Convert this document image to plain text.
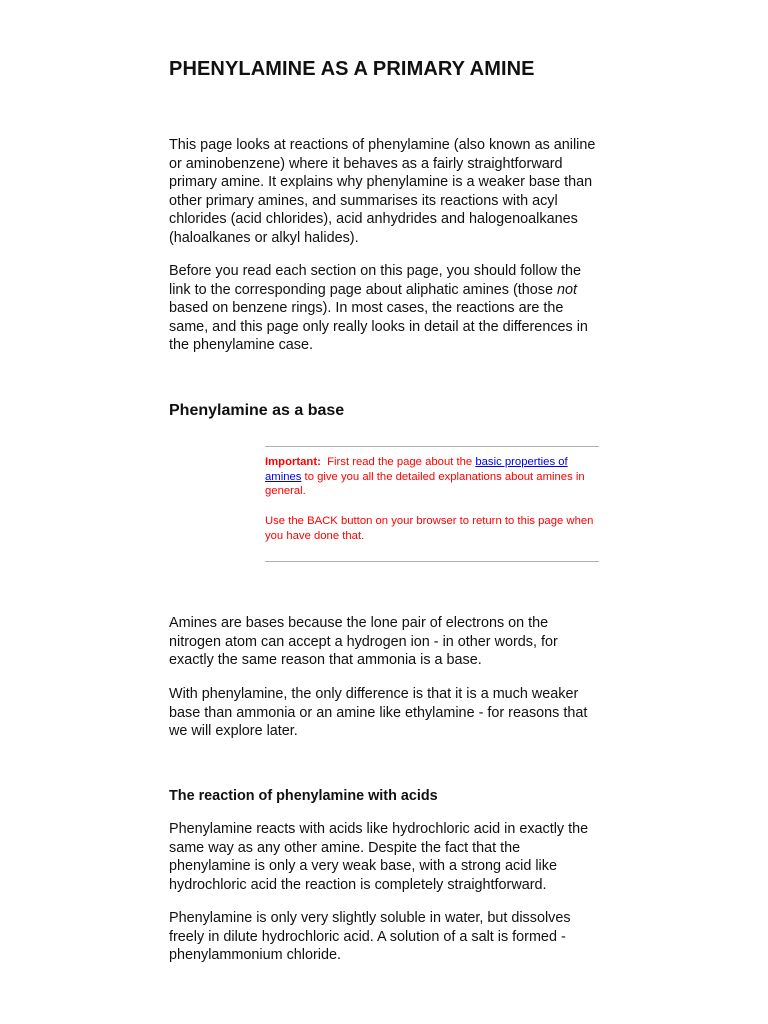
PHENYLAMINE AS A PRIMARY AMINE

This page looks at reactions of phenylamine (also known as aniline or aminobenzene) where it behaves as a fairly straightforward primary amine. It explains why phenylamine is a weaker base than other primary amines, and summarises its reactions with acyl chlorides (acid chlorides), acid anhydrides and halogenoalkanes (haloalkanes or alkyl halides).

Before you read each section on this page, you should follow the link to the corresponding page about aliphatic amines (those not based on benzene rings). In most cases, the reactions are the same, and this page only really looks in detail at the differences in the phenylamine case.

Phenylamine as a base

Important:  First read the page about the basic properties of amines to give you all the detailed explanations about amines in general.

Use the BACK button on your browser to return to this page when you have done that.

Amines are bases because the lone pair of electrons on the nitrogen atom can accept a hydrogen ion - in other words, for exactly the same reason that ammonia is a base.

With phenylamine, the only difference is that it is a much weaker base than ammonia or an amine like ethylamine - for reasons that we will explore later.

The reaction of phenylamine with acids

Phenylamine reacts with acids like hydrochloric acid in exactly the same way as any other amine. Despite the fact that the phenylamine is only a very weak base, with a strong acid like hydrochloric acid the reaction is completely straightforward.

Phenylamine is only very slightly soluble in water, but dissolves freely in dilute hydrochloric acid. A solution of a salt is formed - phenylammonium chloride.
